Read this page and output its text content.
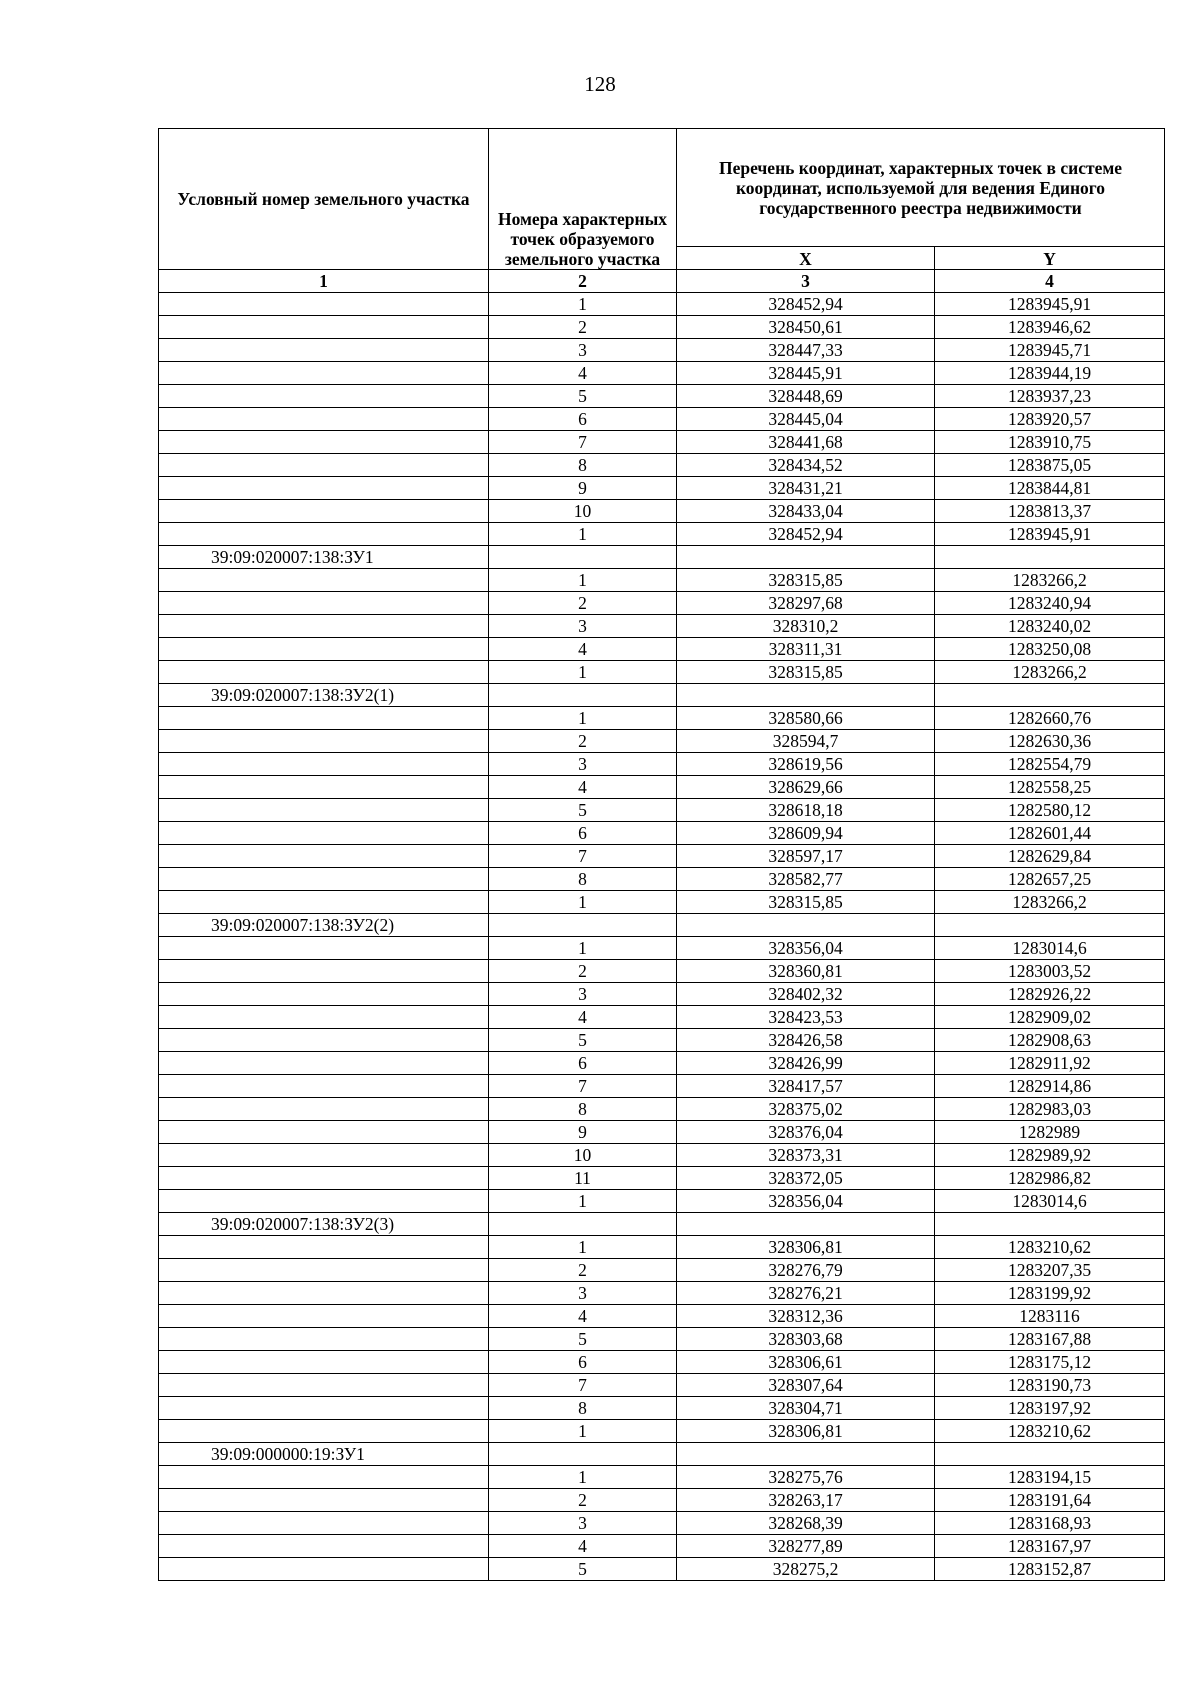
128
Условный номер земельного участка	Номера характерных точек образуемого земельного участка	Перечень координат, характерных точек в системе координат, используемой для ведения Единого государственного реестра недвижимости	
		X	Y
1	2	3	4
	1	328452,94	1283945,91
	2	328450,61	1283946,62
	3	328447,33	1283945,71
	4	328445,91	1283944,19
	5	328448,69	1283937,23
	6	328445,04	1283920,57
	7	328441,68	1283910,75
	8	328434,52	1283875,05
	9	328431,21	1283844,81
	10	328433,04	1283813,37
	1	328452,94	1283945,91
39:09:020007:138:ЗУ1			
	1	328315,85	1283266,2
	2	328297,68	1283240,94
	3	328310,2	1283240,02
	4	328311,31	1283250,08
	1	328315,85	1283266,2
39:09:020007:138:ЗУ2(1)			
	1	328580,66	1282660,76
	2	328594,7	1282630,36
	3	328619,56	1282554,79
	4	328629,66	1282558,25
	5	328618,18	1282580,12
	6	328609,94	1282601,44
	7	328597,17	1282629,84
	8	328582,77	1282657,25
	1	328315,85	1283266,2
39:09:020007:138:ЗУ2(2)			
	1	328356,04	1283014,6
	2	328360,81	1283003,52
	3	328402,32	1282926,22
	4	328423,53	1282909,02
	5	328426,58	1282908,63
	6	328426,99	1282911,92
	7	328417,57	1282914,86
	8	328375,02	1282983,03
	9	328376,04	1282989
	10	328373,31	1282989,92
	11	328372,05	1282986,82
	1	328356,04	1283014,6
39:09:020007:138:ЗУ2(3)			
	1	328306,81	1283210,62
	2	328276,79	1283207,35
	3	328276,21	1283199,92
	4	328312,36	1283116
	5	328303,68	1283167,88
	6	328306,61	1283175,12
	7	328307,64	1283190,73
	8	328304,71	1283197,92
	1	328306,81	1283210,62
39:09:000000:19:ЗУ1			
	1	328275,76	1283194,15
	2	328263,17	1283191,64
	3	328268,39	1283168,93
	4	328277,89	1283167,97
	5	328275,2	1283152,87
